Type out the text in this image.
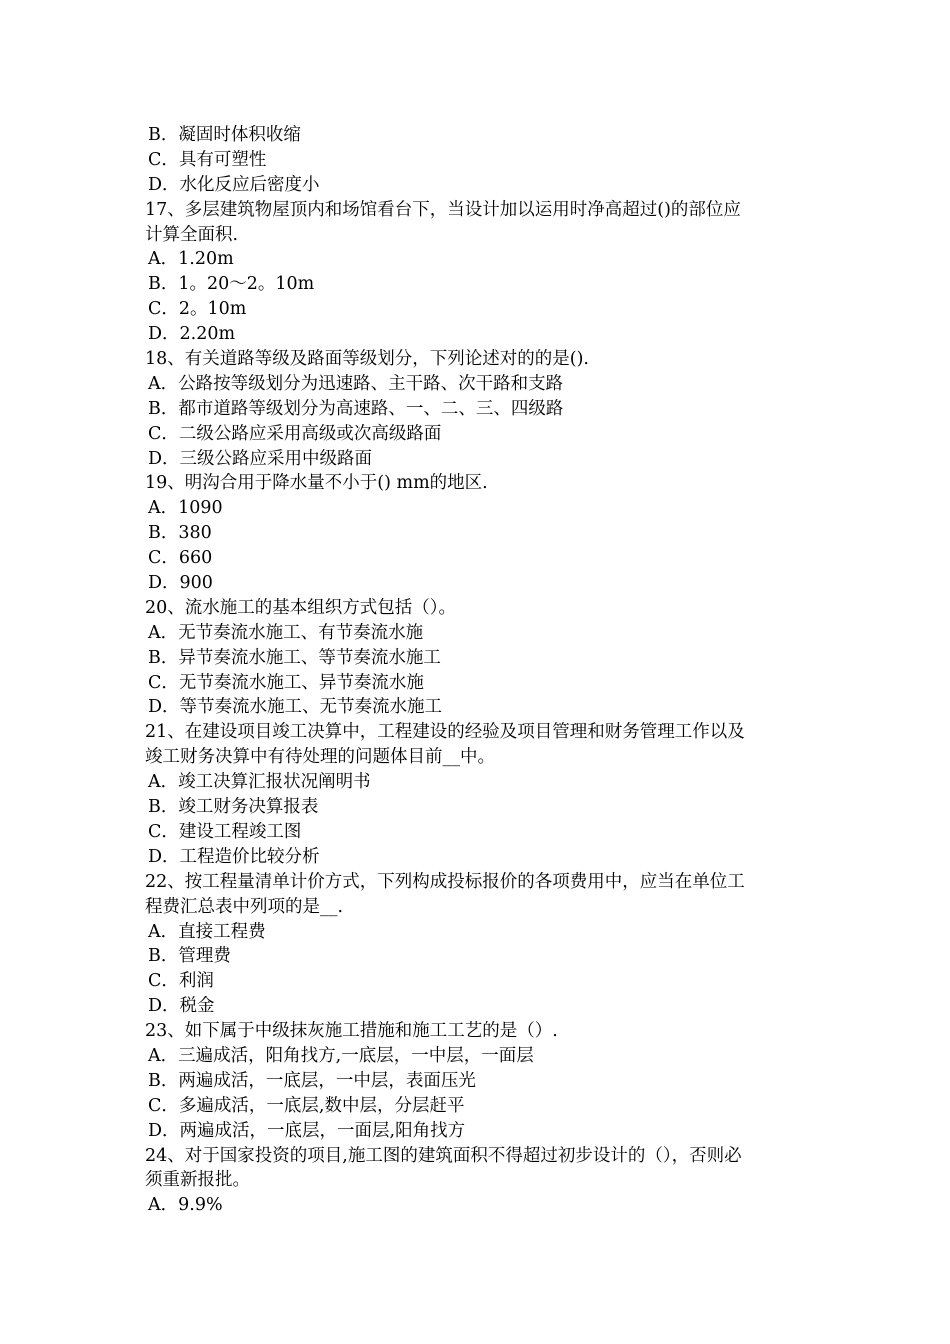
B．凝固时体积收缩
C．具有可塑性
D．水化反应后密度小
17、多层建筑物屋顶内和场馆看台下，当设计加以运用时净高超过()的部位应
计算全面积.
A．1.20m
B．1。20～2。10m
C．2。10m
D．2.20m
18、有关道路等级及路面等级划分，下列论述对的的是().
A．公路按等级划分为迅速路、主干路、次干路和支路
B．都市道路等级划分为高速路、一、二、三、四级路
C．二级公路应采用高级或次高级路面
D．三级公路应采用中级路面
19、明沟合用于降水量不小于() mm的地区.
A．1090
B．380
C．660
D．900
20、流水施工的基本组织方式包括（）。
A．无节奏流水施工、有节奏流水施
B．异节奏流水施工、等节奏流水施工
C．无节奏流水施工、异节奏流水施
D．等节奏流水施工、无节奏流水施工
21、在建设项目竣工决算中，工程建设的经验及项目管理和财务管理工作以及
竣工财务决算中有待处理的问题体目前__中。
A．竣工决算汇报状况阐明书
B．竣工财务决算报表
C．建设工程竣工图
D．工程造价比较分析
22、按工程量清单计价方式，下列构成投标报价的各项费用中，应当在单位工
程费汇总表中列项的是__.
A．直接工程费
B．管理费
C．利润
D．税金
23、如下属于中级抹灰施工措施和施工工艺的是（）.
A．三遍成活，阳角找方,一底层，一中层，一面层
B．两遍成活，一底层，一中层，表面压光
C．多遍成活，一底层,数中层，分层赶平
D．两遍成活，一底层，一面层,阳角找方
24、对于国家投资的项目,施工图的建筑面积不得超过初步设计的（），否则必
须重新报批。
A．9.9%
